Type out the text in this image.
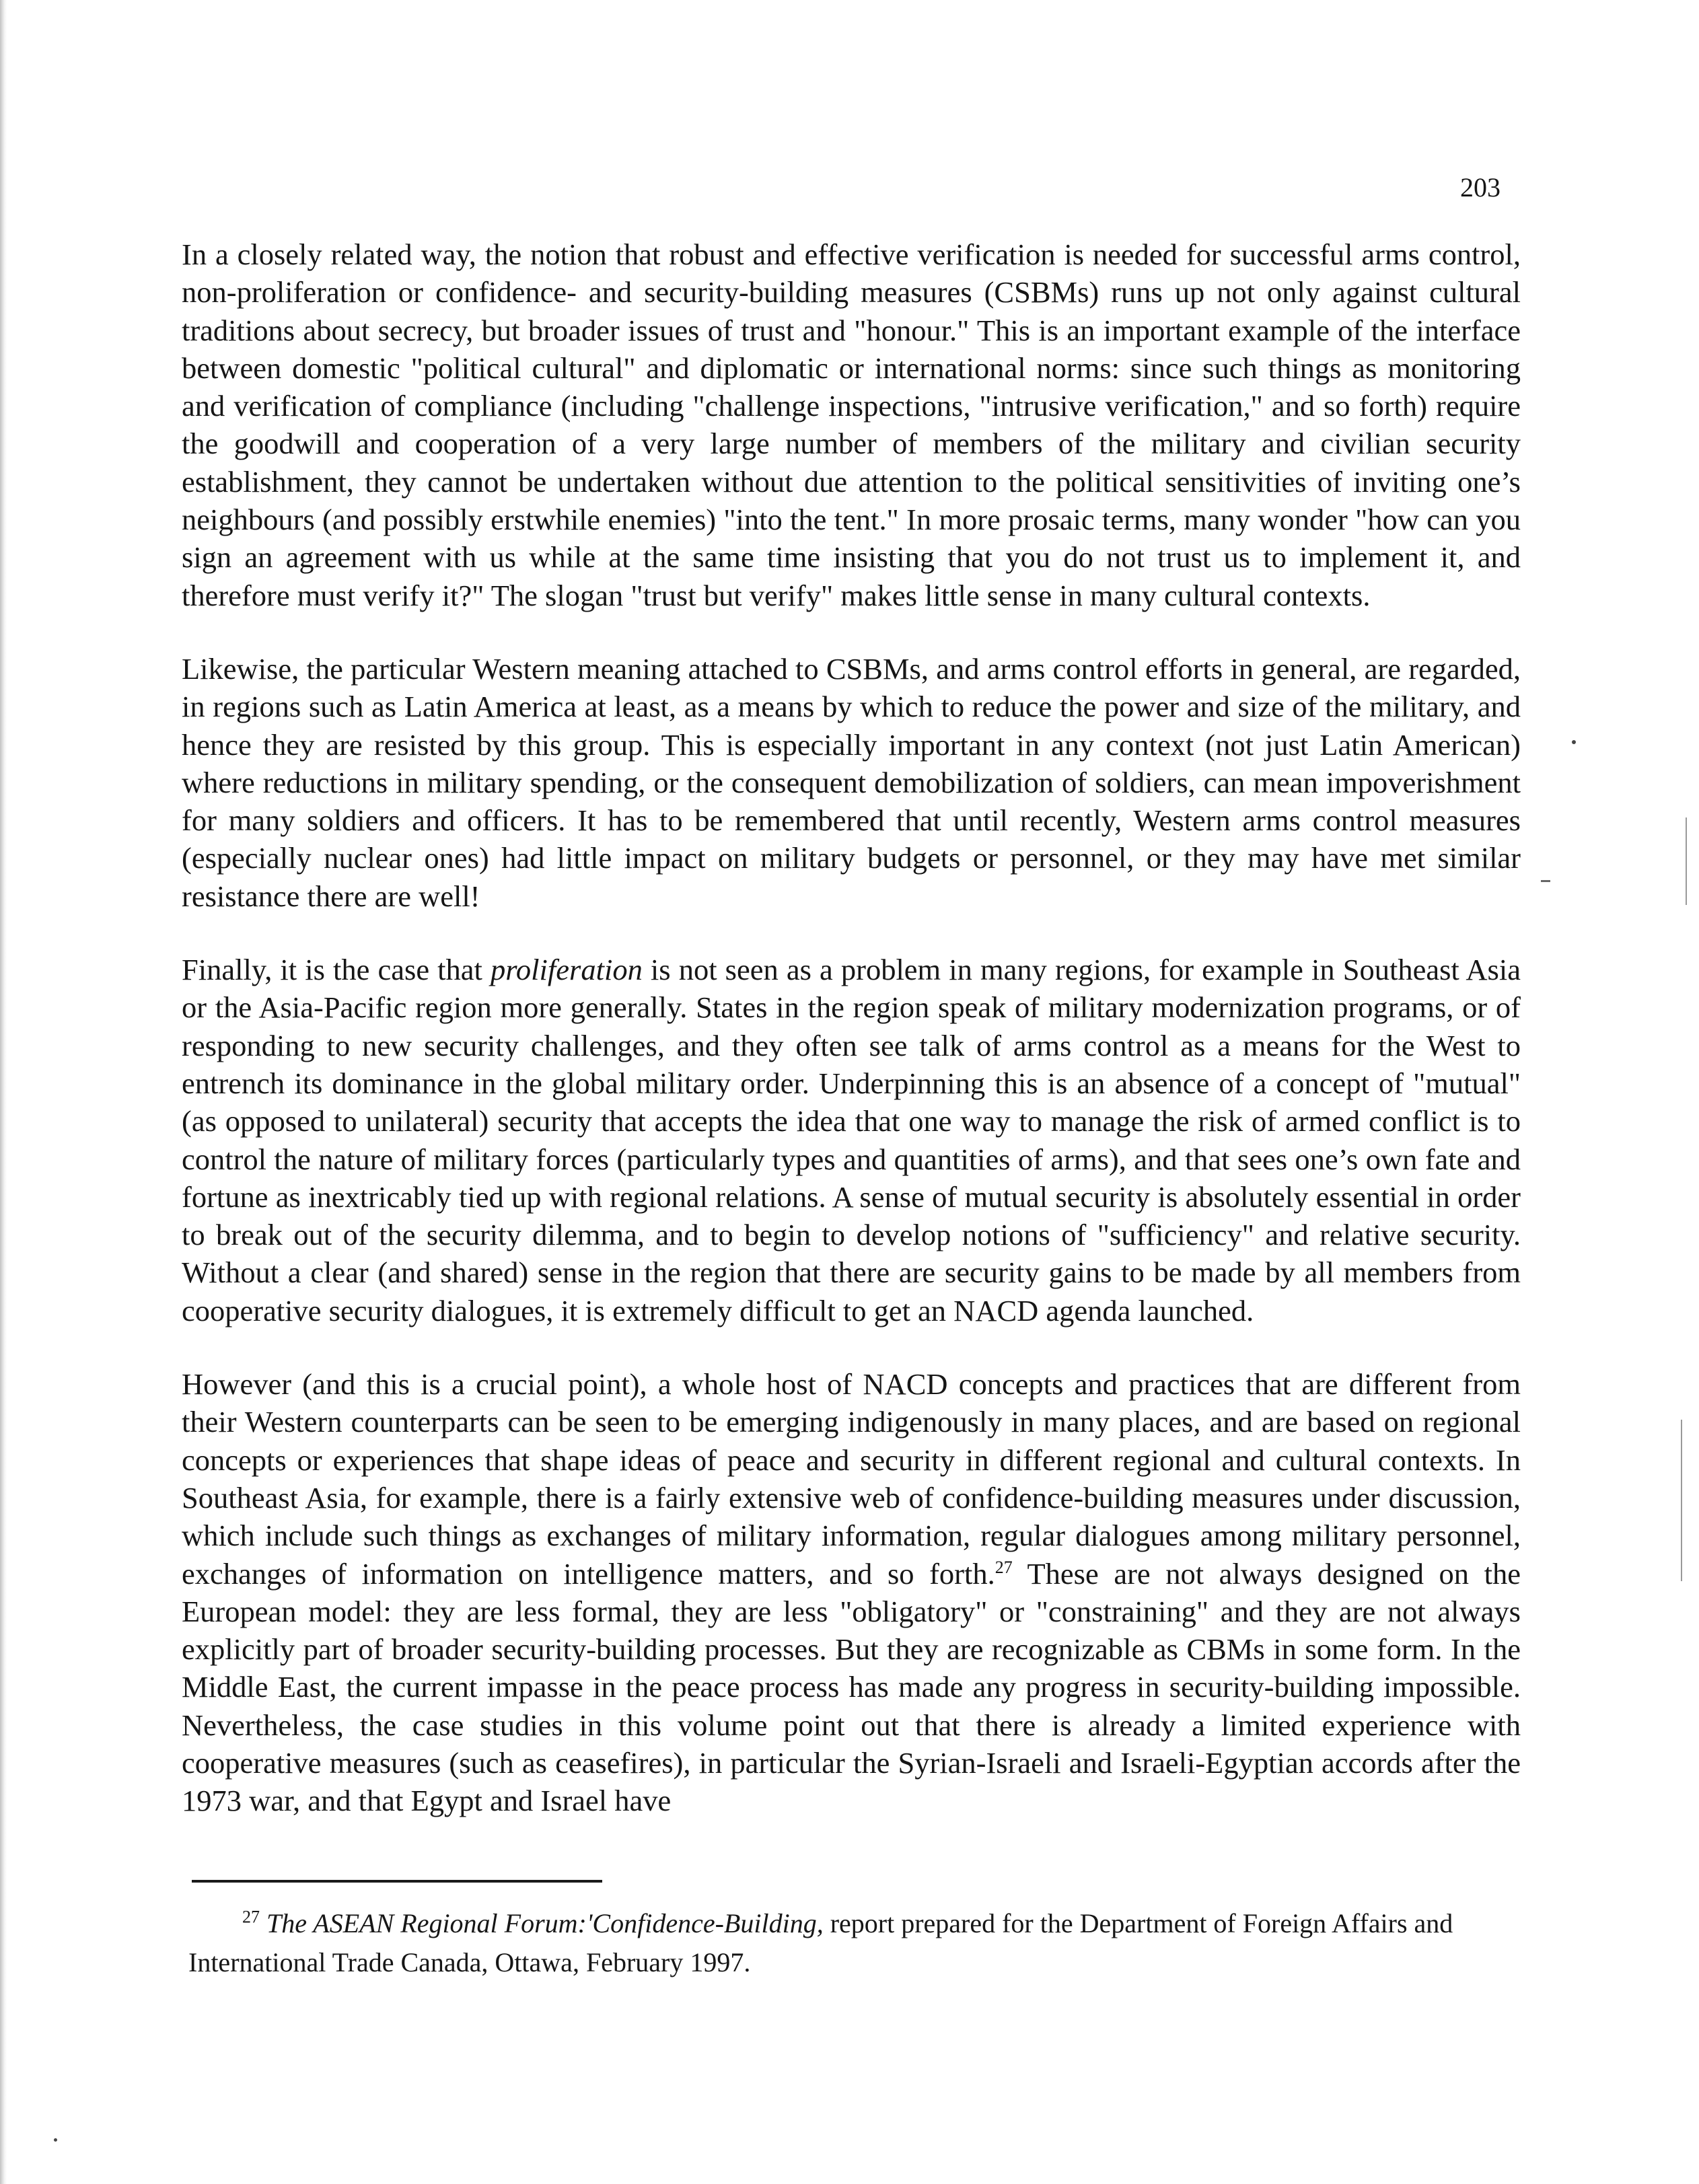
203

In a closely related way, the notion that robust and effective verification is needed for successful arms control, non-proliferation or confidence- and security-building measures (CSBMs) runs up not only against cultural traditions about secrecy, but broader issues of trust and "honour." This is an important example of the interface between domestic "political cultural" and diplomatic or international norms: since such things as monitoring and verification of compliance (including "challenge inspections, "intrusive verification," and so forth) require the goodwill and cooperation of a very large number of members of the military and civilian security establishment, they cannot be undertaken without due attention to the political sensitivities of inviting one’s neighbours (and possibly erstwhile enemies) "into the tent." In more prosaic terms, many wonder "how can you sign an agreement with us while at the same time insisting that you do not trust us to implement it, and therefore must verify it?" The slogan "trust but verify" makes little sense in many cultural contexts.

Likewise, the particular Western meaning attached to CSBMs, and arms control efforts in general, are regarded, in regions such as Latin America at least, as a means by which to reduce the power and size of the military, and hence they are resisted by this group. This is especially important in any context (not just Latin American) where reductions in military spending, or the consequent demobilization of soldiers, can mean impoverishment for many soldiers and officers. It has to be remembered that until recently, Western arms control measures (especially nuclear ones) had little impact on military budgets or personnel, or they may have met similar resistance there are well!

Finally, it is the case that proliferation is not seen as a problem in many regions, for example in Southeast Asia or the Asia-Pacific region more generally. States in the region speak of military modernization programs, or of responding to new security challenges, and they often see talk of arms control as a means for the West to entrench its dominance in the global military order. Underpinning this is an absence of a concept of "mutual" (as opposed to unilateral) security that accepts the idea that one way to manage the risk of armed conflict is to control the nature of military forces (particularly types and quantities of arms), and that sees one’s own fate and fortune as inextricably tied up with regional relations. A sense of mutual security is absolutely essential in order to break out of the security dilemma, and to begin to develop notions of "sufficiency" and relative security. Without a clear (and shared) sense in the region that there are security gains to be made by all members from cooperative security dialogues, it is extremely difficult to get an NACD agenda launched.

However (and this is a crucial point), a whole host of NACD concepts and practices that are different from their Western counterparts can be seen to be emerging indigenously in many places, and are based on regional concepts or experiences that shape ideas of peace and security in different regional and cultural contexts. In Southeast Asia, for example, there is a fairly extensive web of confidence-building measures under discussion, which include such things as exchanges of military information, regular dialogues among military personnel, exchanges of information on intelligence matters, and so forth.$^{27}$ These are not always designed on the European model: they are less formal, they are less "obligatory" or "constraining" and they are not always explicitly part of broader security-building processes. But they are recognizable as CBMs in some form. In the Middle East, the current impasse in the peace process has made any progress in security-building impossible. Nevertheless, the case studies in this volume point out that there is already a limited experience with cooperative measures (such as ceasefires), in particular the Syrian-Israeli and Israeli-Egyptian accords after the 1973 war, and that Egypt and Israel have

$^{27}$ The ASEAN Regional Forum:'Confidence-Building, report prepared for the Department of Foreign Affairs and International Trade Canada, Ottawa, February 1997.
